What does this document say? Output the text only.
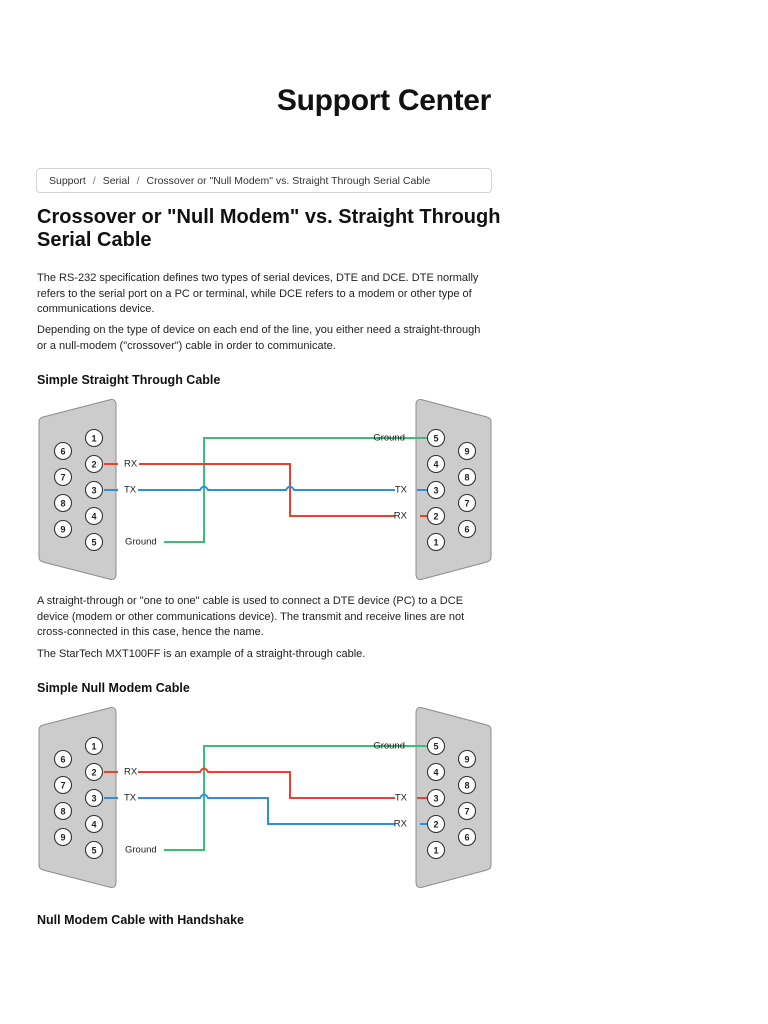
Support Center
Support / Serial / Crossover or "Null Modem" vs. Straight Through Serial Cable
Crossover or "Null Modem" vs. Straight Through Serial Cable

The RS-232 specification defines two types of serial devices, DTE and DCE. DTE normally refers to the serial port on a PC or terminal, while DCE refers to a modem or other type of communications device.

Depending on the type of device on each end of the line, you either need a straight-through or a null-modem ("crossover") cable in order to communicate.

Simple Straight Through Cable
Ground
Ground
RX
TX	TX
RX
1
2
3
4
5
6
7
8
9
5
4
3
2
1
9
8
7
6

A straight-through or "one to one" cable is used to connect a DTE device (PC) to a DCE device (modem or other communications device). The transmit and receive lines are not cross-connected in this case, hence the name.

The StarTech MXT100FF is an example of a straight-through cable.

Simple Null Modem Cable
Ground
Ground
RX
TX	TX
RX
1
2
3
4
5
6
7
8
9
5
4
3
2
1
9
8
7
6
Null Modem Cable with Handshake
